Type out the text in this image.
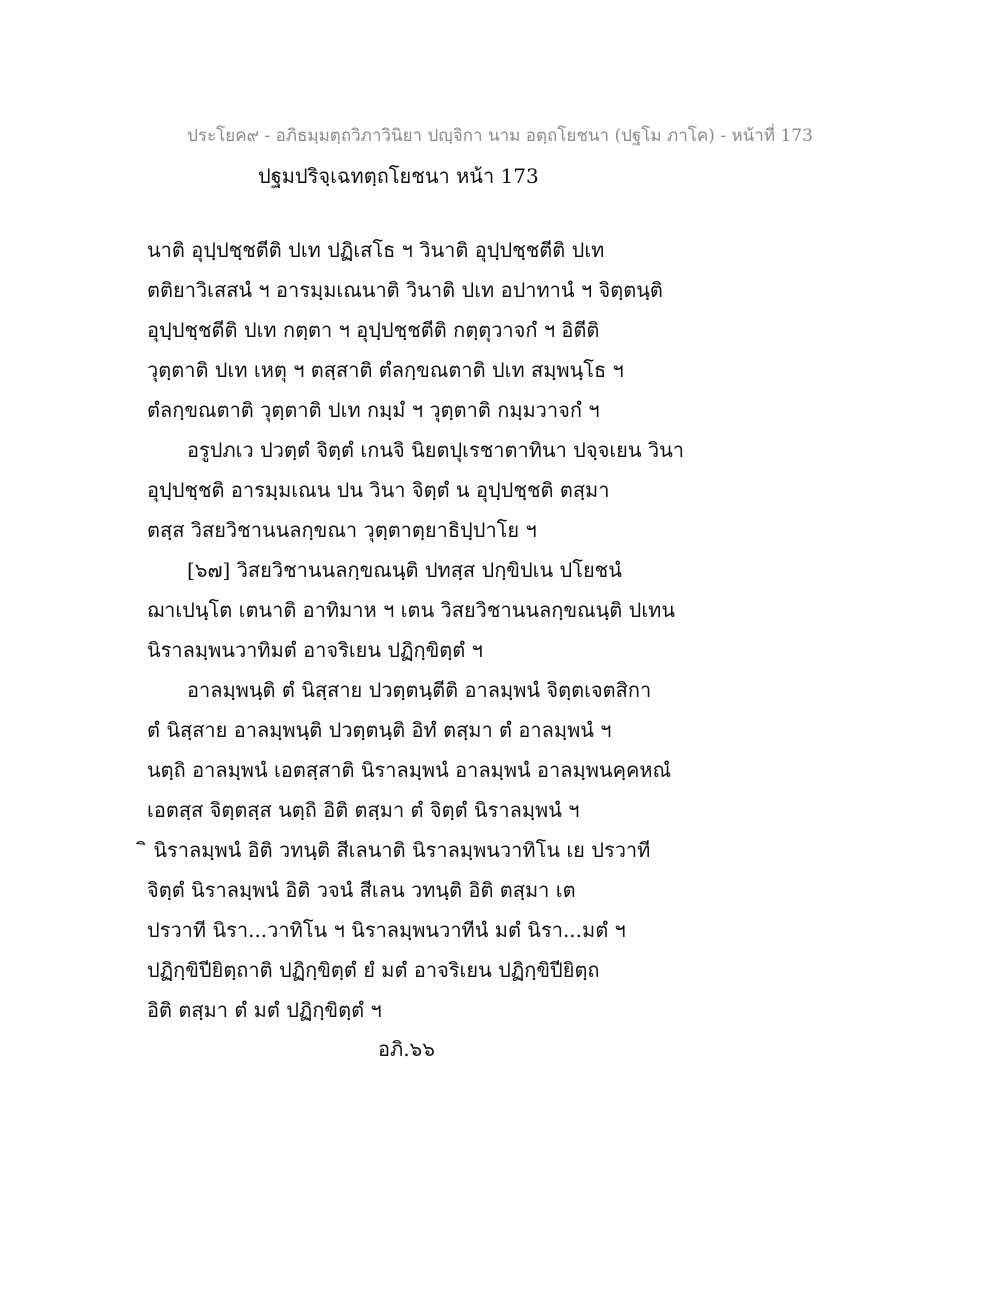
ประโยค๙ - อภิธมฺมตฺถวิภาวินิยา ปญฺจิกา นาม อตฺถโยชนา (ปฐโม ภาโค) - หน้าที่ 173
ปฐมปริจฺเฉทตฺถโยชนา หน้า 173
นาติ อุปฺปชฺชตีติ ปเท ปฏิเสโธ ฯ วินาติ อุปฺปชฺชตีติ ปเท
ตติยาวิเสสนํ ฯ อารมฺมเณนาติ วินาติ ปเท อปาทานํ ฯ จิตฺตนฺติ
อุปฺปชฺชตีติ ปเท กตฺตา ฯ อุปฺปชฺชตีติ กตฺตุวาจกํ ฯ อิตีติ
วุตฺตาติ ปเท เหตุ ฯ ตสฺสาติ ตํลกฺขณตาติ ปเท สมฺพนฺโธ ฯ
ตํลกฺขณตาติ วุตฺตาติ ปเท กมฺมํ ฯ วุตฺตาติ กมฺมวาจกํ ฯ
อรูปภเว ปวตฺตํ จิตฺตํ เกนจิ นิยตปุเรชาตาทินา ปจฺจเยน วินา
อุปฺปชฺชติ อารมฺมเณน ปน วินา จิตฺตํ น อุปฺปชฺชติ ตสฺมา
ตสฺส วิสยวิชานนลกฺขณา วุตฺตาตฺยาธิปฺปาโย ฯ
[๖๗] วิสยวิชานนลกฺขณนฺติ ปทสฺส ปกฺขิปเน ปโยชนํ
ฌาเปนฺโต เตนาติ อาทิมาห ฯ เตน วิสยวิชานนลกฺขณนฺติ ปเทน
นิราลมฺพนวาทิมตํ อาจริเยน ปฏิกฺขิตฺตํ ฯ
อาลมฺพนฺติ ตํ นิสฺสาย ปวตฺตนฺตีติ อาลมฺพนํ จิตฺตเจตสิกา
ตํ นิสฺสาย อาลมฺพนฺติ ปวตฺตนฺติ อิทํ ตสฺมา ตํ อาลมฺพนํ ฯ
นตฺถิ อาลมฺพนํ เอตสฺสาติ นิราลมฺพนํ อาลมฺพนํ อาลมฺพนคฺคหณํ
เอตสฺส จิตฺตสฺส นตฺถิ อิติ ตสฺมา ตํ จิตฺตํ นิราลมฺพนํ ฯ
ิ นิราลมฺพนํ อิติ วทนฺติ สีเลนาติ นิราลมฺพนวาทิโน เย ปรวาที
จิตฺตํ นิราลมฺพนํ อิติ วจนํ สีเลน วทนฺติ อิติ ตสฺมา เต
ปรวาที นิรา...วาทิโน ฯ นิราลมฺพนวาทีนํ มตํ นิรา...มตํ ฯ
ปฏิกฺขิปียิตฺถาติ ปฏิกฺขิตฺตํ ยํ มตํ อาจริเยน ปฏิกฺขิปียิตฺถ
อิติ ตสฺมา ตํ มตํ ปฏิกฺขิตฺตํ ฯ
อภิ.๖๖
